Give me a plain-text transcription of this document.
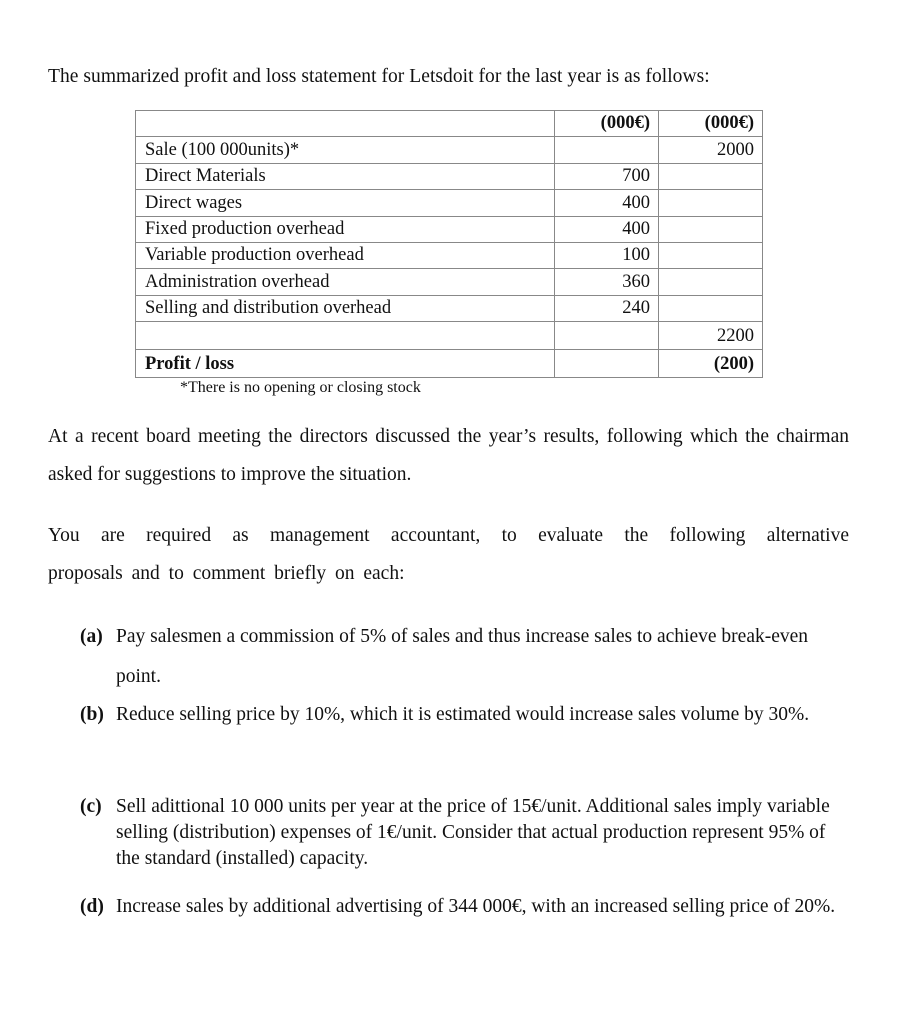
The summarized profit and loss statement for Letsdoit for the last year is as follows:
	(000€)	(000€)
Sale (100 000units)*		2000
Direct Materials	700	
Direct wages	400	
Fixed production overhead	400	
Variable production overhead	100	
Administration overhead	360	
Selling and distribution overhead	240	
		2200
Profit / loss		(200)
*There is no opening or closing stock
At a recent board meeting the directors discussed the year’s results, following which the chairman asked for suggestions to improve the situation.
You are required as management accountant, to evaluate the following alternative
proposals and to comment briefly on each:
(a) Pay salesmen a commission of 5% of sales and thus increase sales to achieve break-even point.
(b) Reduce selling price by 10%, which it is estimated would increase sales volume by 30%.
(c) Sell adittional 10 000 units per year at the price of 15€/unit. Additional sales imply variable selling (distribution) expenses of 1€/unit. Consider that actual production represent 95% of the standard (installed) capacity.
(d) Increase sales by additional advertising of 344 000€, with an increased selling price of 20%.
